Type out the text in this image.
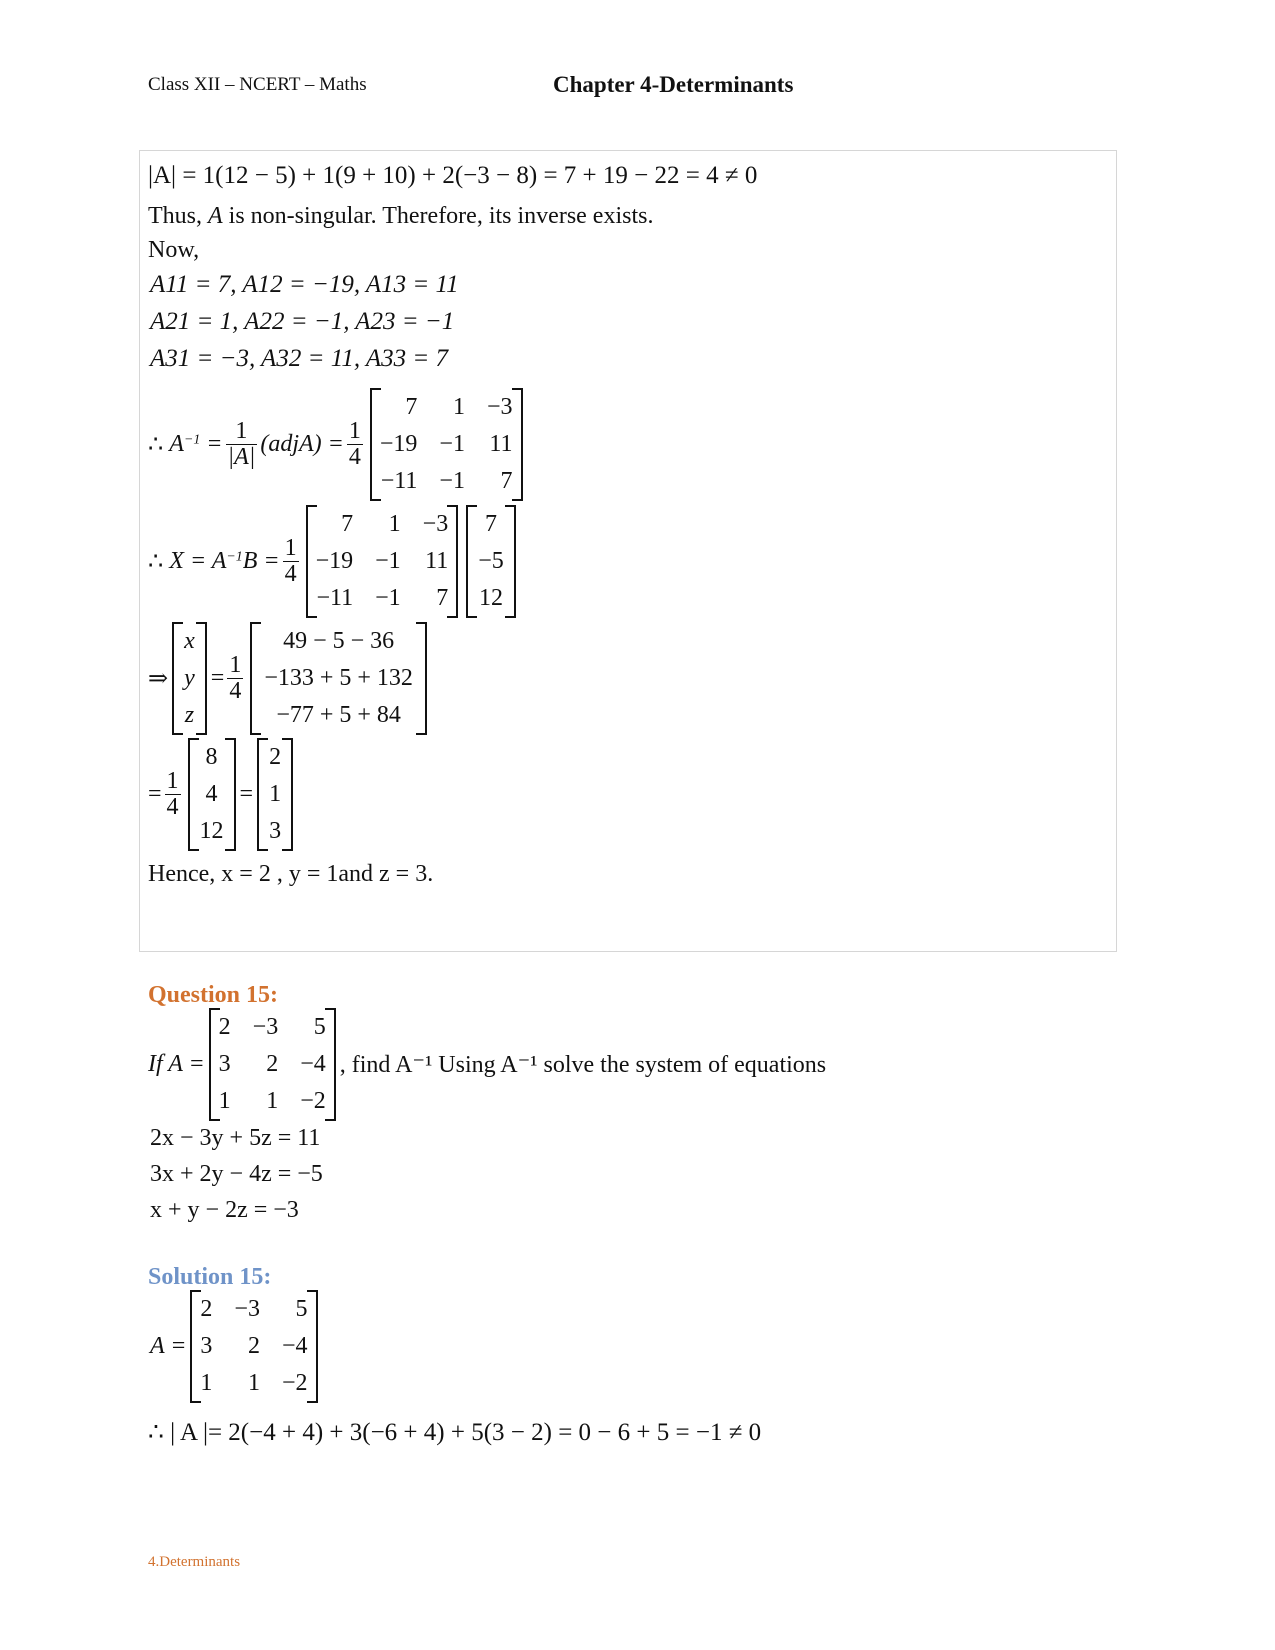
Class XII – NCERT – Maths	Chapter 4-Determinants
|A| = 1(12 − 5) + 1(9 + 10) + 2(−3 − 8) = 7 + 19 − 22 = 4 ≠ 0
Thus, A is non-singular. Therefore, its inverse exists.
Now,
A11 = 7, A12 = −19, A13 = 11
A21 = 1, A22 = −1, A23 = −1
A31 = −3, A32 = 11, A33 = 7
∴ $A^{-1} = \frac{1}{|A|}$ (adjA) = $\frac{1}{4}$
7	1 −3
−19 −1 11
−11 −1	7
∴ $X = A^{-1}B = \frac{1}{4}$
7	1 −3
−19 −1 11
−11 −1	7
7
−5
12
⇒
x
y
z
= $\frac{1}{4}$
49 − 5 − 36
−133 + 5 + 132
−77 + 5 + 84
= $\frac{1}{4}$
8
4
12
=
2
1
3
Hence, x = 2 , y = 1and z = 3.
Question 15:
If A =
2 −3	5
3	2 −4
1	1 −2
, find A⁻¹ Using A⁻¹ solve the system of equations
2x − 3y + 5z = 11
3x + 2y − 4z = −5
x + y − 2z = −3
Solution 15:
A =
2 −3	5
3	2 −4
1	1 −2
∴ | A |= 2(−4 + 4) + 3(−6 + 4) + 5(3 − 2) = 0 − 6 + 5 = −1 ≠ 0
4.Determinants
